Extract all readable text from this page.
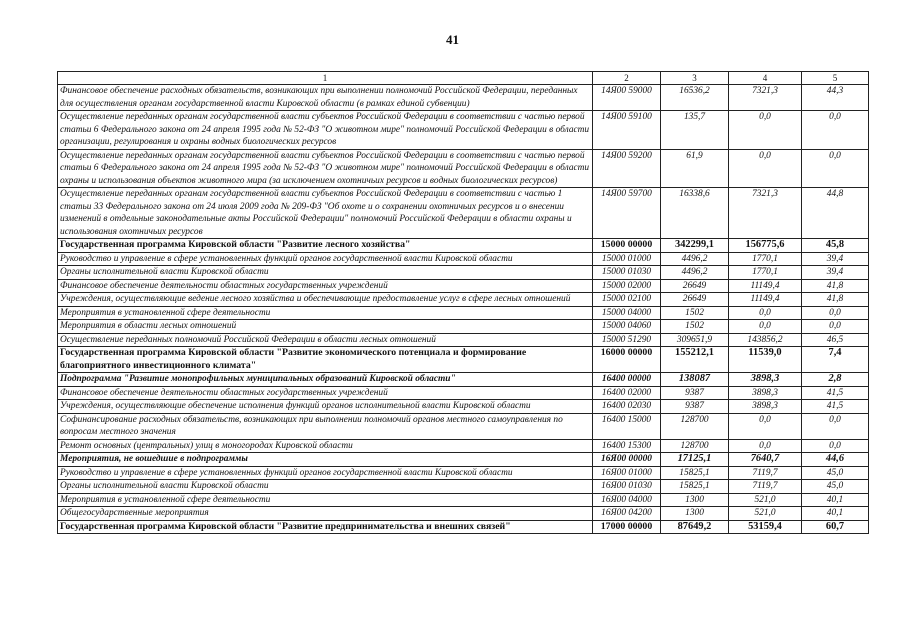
41
1	2	3	4	5
Финансовое обеспечение расходных обязательств, возникающих при выполнении полномочий Российской Федерации, переданных для осуществления органам государственной власти Кировской области (в рамках единой субвенции)	14Я00 59000	16536,2	7321,3	44,3
Осуществление переданных органам государственной власти субъектов Российской Федерации в соответствии с частью первой статьи 6 Федерального закона от 24 апреля 1995 года № 52-ФЗ "О животном мире" полномочий Российской Федерации в области организации, регулирования и охраны водных биологических ресурсов	14Я00 59100	135,7	0,0	0,0
Осуществление переданных органам государственной власти субъектов Российской Федерации в соответствии с частью первой статьи 6 Федерального закона от 24 апреля 1995 года № 52-ФЗ "О животном мире" полномочий Российской Федерации в области охраны и использования объектов животного мира (за исключением охотничьих ресурсов и водных биологических ресурсов)	14Я00 59200	61,9	0,0	0,0
Осуществление переданных органам государственной власти субъектов Российской Федерации в соответствии с частью 1 статьи 33 Федерального закона от 24 июля 2009 года № 209-ФЗ "Об охоте и о сохранении охотничьих ресурсов и о внесении изменений в отдельные законодательные акты Российской Федерации" полномочий Российской Федерации в области охраны и использования охотничьих ресурсов	14Я00 59700	16338,6	7321,3	44,8
Государственная программа Кировской области "Развитие лесного хозяйства"	15000 00000	342299,1	156775,6	45,8
Руководство и управление в сфере установленных функций органов государственной власти Кировской области	15000 01000	4496,2	1770,1	39,4
Органы исполнительной власти Кировской области	15000 01030	4496,2	1770,1	39,4
Финансовое обеспечение деятельности областных государственных учреждений	15000 02000	26649	11149,4	41,8
Учреждения, осуществляющие ведение лесного хозяйства и обеспечивающие предоставление услуг в сфере лесных отношений	15000 02100	26649	11149,4	41,8
Мероприятия в установленной сфере деятельности	15000 04000	1502	0,0	0,0
Мероприятия в области лесных отношений	15000 04060	1502	0,0	0,0
Осуществление переданных полномочий Российской Федерации в области лесных отношений	15000 51290	309651,9	143856,2	46,5
Государственная программа Кировской области "Развитие экономического потенциала и формирование благоприятного инвестиционного климата"	16000 00000	155212,1	11539,0	7,4
Подпрограмма "Развитие монопрофильных муниципальных образований Кировской области"	16400 00000	138087	3898,3	2,8
Финансовое обеспечение деятельности областных государственных учреждений	16400 02000	9387	3898,3	41,5
Учреждения, осуществляющие обеспечение исполнения функций органов исполнительной власти Кировской области	16400 02030	9387	3898,3	41,5
Софинансирование расходных обязательств, возникающих при выполнении полномочий органов местного самоуправления по вопросам местного значения	16400 15000	128700	0,0	0,0
Ремонт основных (центральных) улиц в моногородах Кировской области	16400 15300	128700	0,0	0,0
Мероприятия, не вошедшие в подпрограммы	16Я00 00000	17125,1	7640,7	44,6
Руководство и управление в сфере установленных функций органов государственной власти Кировской области	16Я00 01000	15825,1	7119,7	45,0
Органы исполнительной власти Кировской области	16Я00 01030	15825,1	7119,7	45,0
Мероприятия в установленной сфере деятельности	16Я00 04000	1300	521,0	40,1
Общегосударственные мероприятия	16Я00 04200	1300	521,0	40,1
Государственная программа Кировской области "Развитие предпринимательства и внешних связей"	17000 00000	87649,2	53159,4	60,7
